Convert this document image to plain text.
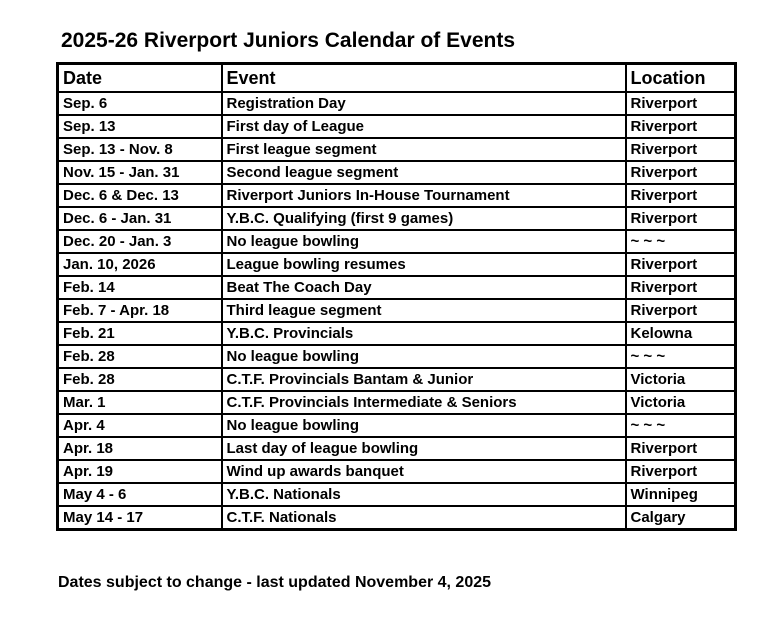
2025-26 Riverport Juniors Calendar of Events
Date	Event	Location
Sep. 6	Registration Day	Riverport
Sep. 13	First day of League	Riverport
Sep. 13 - Nov. 8	First league segment	Riverport
Nov. 15 - Jan. 31	Second league segment	Riverport
Dec. 6 & Dec. 13	Riverport Juniors In-House Tournament	Riverport
Dec. 6 - Jan. 31	Y.B.C. Qualifying (first 9 games)	Riverport
Dec. 20 - Jan. 3	No league bowling	~ ~ ~
Jan. 10, 2026	League bowling resumes	Riverport
Feb. 14	Beat The Coach Day	Riverport
Feb. 7 - Apr. 18	Third league segment	Riverport
Feb. 21	Y.B.C. Provincials	Kelowna
Feb. 28	No league bowling	~ ~ ~
Feb. 28	C.T.F. Provincials Bantam & Junior	Victoria
Mar. 1	C.T.F. Provincials Intermediate & Seniors	Victoria
Apr. 4	No league bowling	~ ~ ~
Apr. 18	Last day of league bowling	Riverport
Apr. 19	Wind up awards banquet	Riverport
May 4 - 6	Y.B.C. Nationals	Winnipeg
May 14 - 17	C.T.F. Nationals	Calgary

Dates subject to change - last updated November 4, 2025
